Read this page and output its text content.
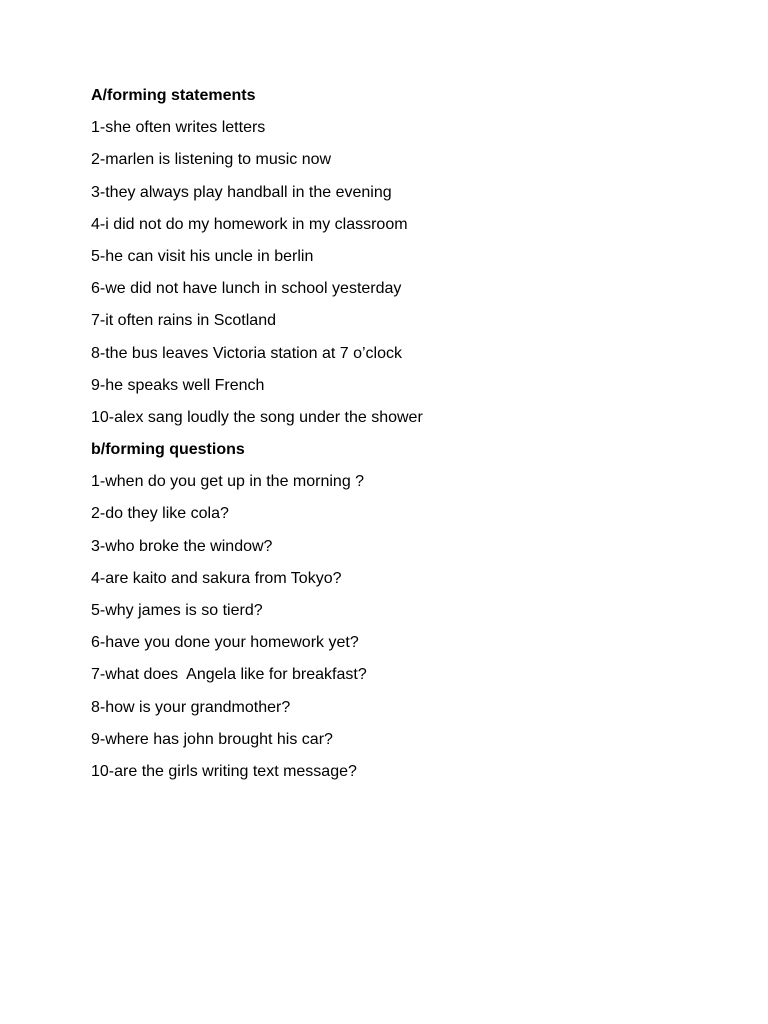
A/forming statements
1-she often writes letters
2-marlen is listening to music now
3-they always play handball in the evening
4-i did not do my homework in my classroom
5-he can visit his uncle in berlin
6-we did not have lunch in school yesterday
7-it often rains in Scotland
8-the bus leaves Victoria station at 7 o’clock
9-he speaks well French
10-alex sang loudly the song under the shower
b/forming questions
1-when do you get up in the morning ?
2-do they like cola?
3-who broke the window?
4-are kaito and sakura from Tokyo?
5-why james is so tierd?
6-have you done your homework yet?
7-what does  Angela like for breakfast?
8-how is your grandmother?
9-where has john brought his car?
10-are the girls writing text message?
